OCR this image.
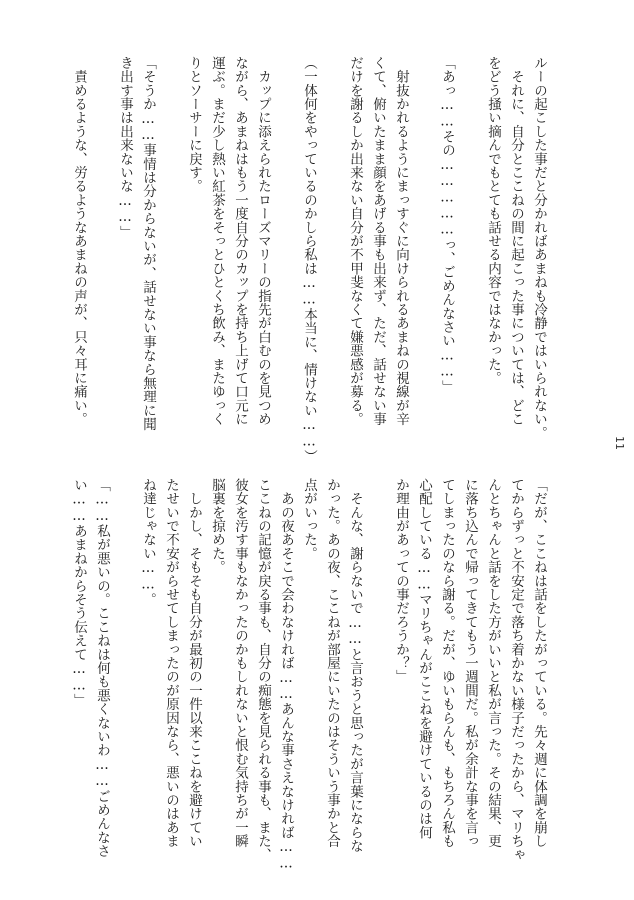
ルーの起こした事だと分かればあまねも冷静ではいられない。

　それに、自分とここねの間に起こった事については、どこ

をどう掻い摘んでもとても話せる内容ではなかった。

「あっ……その……………っ、ごめんなさい……」

　射抜かれるようにまっすぐに向けられるあまねの視線が辛

くて、俯いたまま顔をあげる事も出来ず、ただ、話せない事

だけを謝るしか出来ない自分が不甲斐なくて嫌悪感が募る。

（一体何をやっているのかしら私は……本当に、情けない……）

　カップに添えられたローズマリーの指先が白むのを見つめ

ながら、あまねはもう一度自分のカップを持ち上げて口元に

運ぶ。まだ少し熱い紅茶をそっとひとくち飲み、またゆっく

りとソーサーに戻す。

「そうか……事情は分からないが、話せない事なら無理に聞

き出す事は出来ないな……」

　責めるような、労るようなあまねの声が、只々耳に痛い。

「だが、ここねは話をしたがっている。先々週に体調を崩し

てからずっと不安定で落ち着かない様子だったから、マリちゃ

んとちゃんと話をした方がいいと私が言った。その結果、更

に落ち込んで帰ってきてもう一週間だ。私が余計な事を言っ

てしまったのなら謝る。だが、ゆいもらんも、もちろん私も

心配している……マリちゃんがここねを避けているのは何

か理由があっての事だろうか？」

　そんな、謝らないで……と言おうと思ったが言葉にならな

かった。あの夜、ここねが部屋にいたのはそういう事かと合

点がいった。

　あの夜あそこで会わなければ……あんな事さえなければ……

ここねの記憶が戻る事も、自分の痴態を見られる事も、また、

彼女を汚す事もなかったのかもしれないと恨む気持ちが一瞬

脳裏を掠めた。

　しかし、そもそも自分が最初の一件以来ここねを避けてい

たせいで不安がらせてしまったのが原因なら、悪いのはあま

ね達じゃない……。

「……私が悪いの。ここねは何も悪くないわ……ごめんなさ

い……あまねからそう伝えて……」

11
